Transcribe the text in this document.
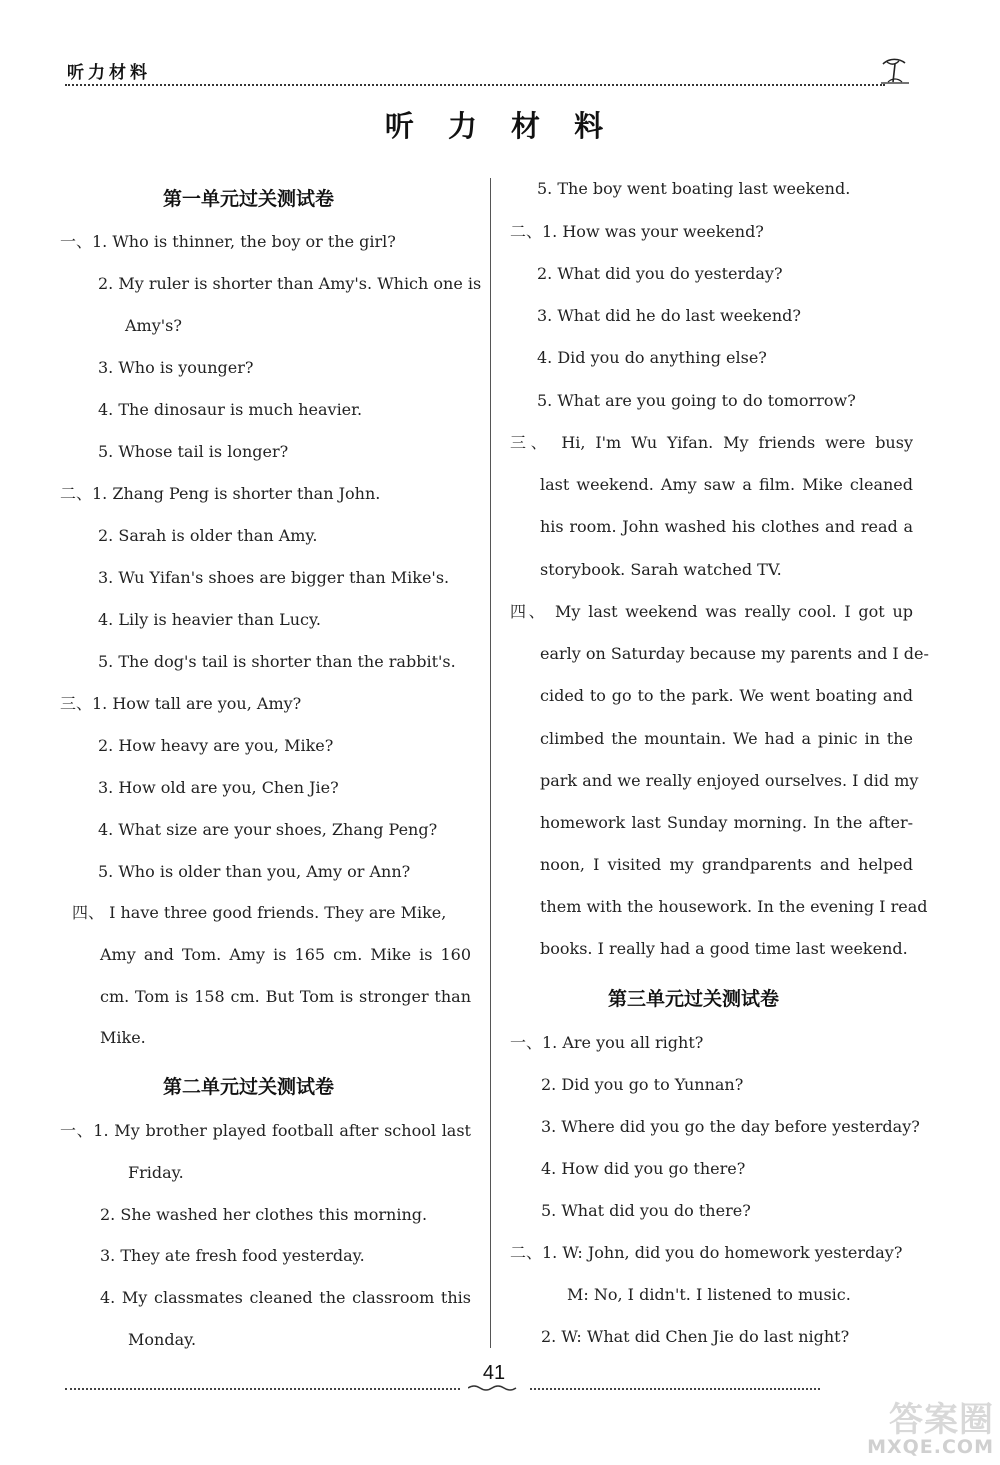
听力材料
听 力 材 料
第一单元过关测试卷
一、1. Who is thinner, the boy or the girl?
2. My ruler is shorter than Amy's. Which one is
Amy's?
3. Who is younger?
4. The dinosaur is much heavier.
5. Whose tail is longer?
二、1. Zhang Peng is shorter than John.
2. Sarah is older than Amy.
3. Wu Yifan's shoes are bigger than Mike's.
4. Lily is heavier than Lucy.
5. The dog's tail is shorter than the rabbit's.
三、1. How tall are you, Amy?
2. How heavy are you, Mike?
3. How old are you, Chen Jie?
4. What size are your shoes, Zhang Peng?
5. Who is older than you, Amy or Ann?
四、 I have three good friends. They are Mike,
Amy and Tom. Amy is 165 cm. Mike is 160
cm. Tom is 158 cm. But Tom is stronger than
Mike.
第二单元过关测试卷
一、1. My brother played football after school last
Friday.
2. She washed her clothes this morning.
3. They ate fresh food yesterday.
4. My classmates cleaned the classroom this
Monday.
5. The boy went boating last weekend.
二、1. How was your weekend?
2. What did you do yesterday?
3. What did he do last weekend?
4. Did you do anything else?
5. What are you going to do tomorrow?
三、 Hi, I'm Wu Yifan. My friends were busy
last weekend. Amy saw a film. Mike cleaned
his room. John washed his clothes and read a
storybook. Sarah watched TV.
四、 My last weekend was really cool. I got up
early on Saturday because my parents and I de-
cided to go to the park. We went boating and
climbed the mountain. We had a pinic in the
park and we really enjoyed ourselves. I did my
homework last Sunday morning. In the after-
noon, I visited my grandparents and helped
them with the housework. In the evening I read
books. I really had a good time last weekend.
第三单元过关测试卷
一、1. Are you all right?
2. Did you go to Yunnan?
3. Where did you go the day before yesterday?
4. How did you go there?
5. What did you do there?
二、1. W: John, did you do homework yesterday?
M: No, I didn't. I listened to music.
2. W: What did Chen Jie do last night?
41
答案圈
MXQE.COM
